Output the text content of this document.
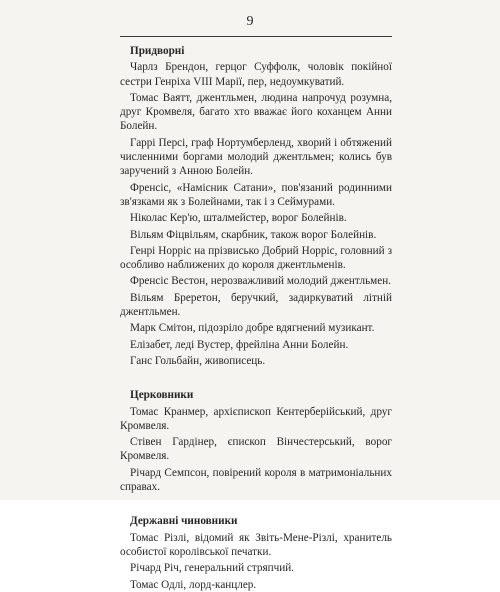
9
Придворні

Чарлз Брендон, герцог Суффолк, чоловік покійної сестри Генріха VIII Марії, пер, недоумкуватий.

Томас Ваятт, джентльмен, людина напрочуд розумна, друг Кромвеля, багато хто вважає його коханцем Анни Болейн.

Гаррі Персі, граф Нортумберленд, хворий і обтяжений численними боргами молодий джентльмен; колись був заручений з Анною Болейн.

Френсіс, «Намісник Сатани», пов'язаний родинними зв'язками як з Болейнами, так і з Сеймурами.

Ніколас Кер'ю, шталмейстер, ворог Болейнів.

Вільям Фіцвільям, скарбник, також ворог Болейнів.

Генрі Норріс на прізвисько Добрий Норріс, головний з особливо наближених до короля джентльменів.

Френсіс Вестон, нерозважливий молодий джентльмен.

Вільям Бреретон, беручкий, задиркуватий літній джентльмен.

Марк Смітон, підозріло добре вдягнений музикант.

Елізабет, леді Вустер, фрейліна Анни Болейн.

Ганс Гольбайн, живописець.

Церковники

Томас Кранмер, архієпископ Кентерберійський, друг Кромвеля.

Стівен Гардінер, єпископ Вінчестерський, ворог Кромвеля.

Річард Семпсон, повірений короля в матримоніальних справах.

Державні чиновники

Томас Різлі, відомий як Звіть-Мене-Різлі, хранитель особистої королівської печатки.

Річард Річ, генеральний стряпчий.

Томас Одлі, лорд-канцлер.
